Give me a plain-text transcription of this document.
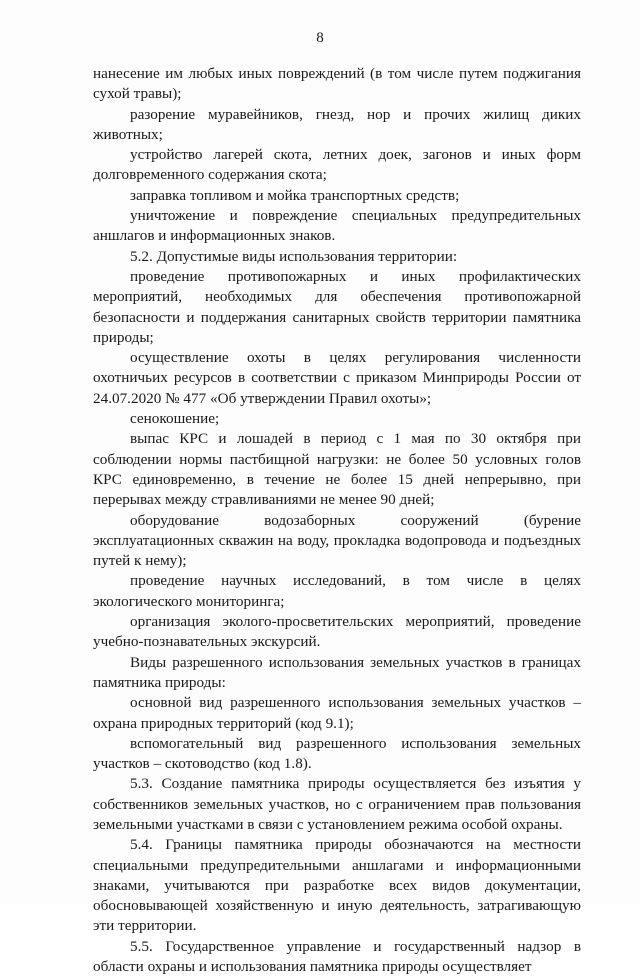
8

нанесение им любых иных повреждений (в том числе путем поджигания сухой травы);

разорение муравейников, гнезд, нор и прочих жилищ диких животных;

устройство лагерей скота, летних доек, загонов и иных форм долговременного содержания скота;

заправка топливом и мойка транспортных средств;

уничтожение и повреждение специальных предупредительных аншлагов и информационных знаков.

5.2. Допустимые виды использования территории:

проведение противопожарных и иных профилактических мероприятий, необходимых для обеспечения противопожарной безопасности и поддержания санитарных свойств территории памятника природы;

осуществление охоты в целях регулирования численности охотничьих ресурсов в соответствии с приказом Минприроды России от 24.07.2020 № 477 «Об утверждении Правил охоты»;

сенокошение;

выпас КРС и лошадей в период с 1 мая по 30 октября при соблюдении нормы пастбищной нагрузки: не более 50 условных голов КРС единовременно, в течение не более 15 дней непрерывно, при перерывах между стравливаниями не менее 90 дней;

оборудование водозаборных сооружений (бурение эксплуатационных скважин на воду, прокладка водопровода и подъездных путей к нему);

проведение научных исследований, в том числе в целях экологического мониторинга;

организация эколого-просветительских мероприятий, проведение учебно-познавательных экскурсий.

Виды разрешенного использования земельных участков в границах памятника природы:

основной вид разрешенного использования земельных участков – охрана природных территорий (код 9.1);

вспомогательный вид разрешенного использования земельных участков – скотоводство (код 1.8).

5.3. Создание памятника природы осуществляется без изъятия у собственников земельных участков, но с ограничением прав пользования земельными участками в связи с установлением режима особой охраны.

5.4. Границы памятника природы обозначаются на местности специальными предупредительными аншлагами и информационными знаками, учитываются при разработке всех видов документации, обосновывающей хозяйственную и иную деятельность, затрагивающую эти территории.

5.5. Государственное управление и государственный надзор в области охраны и использования памятника природы осуществляет
